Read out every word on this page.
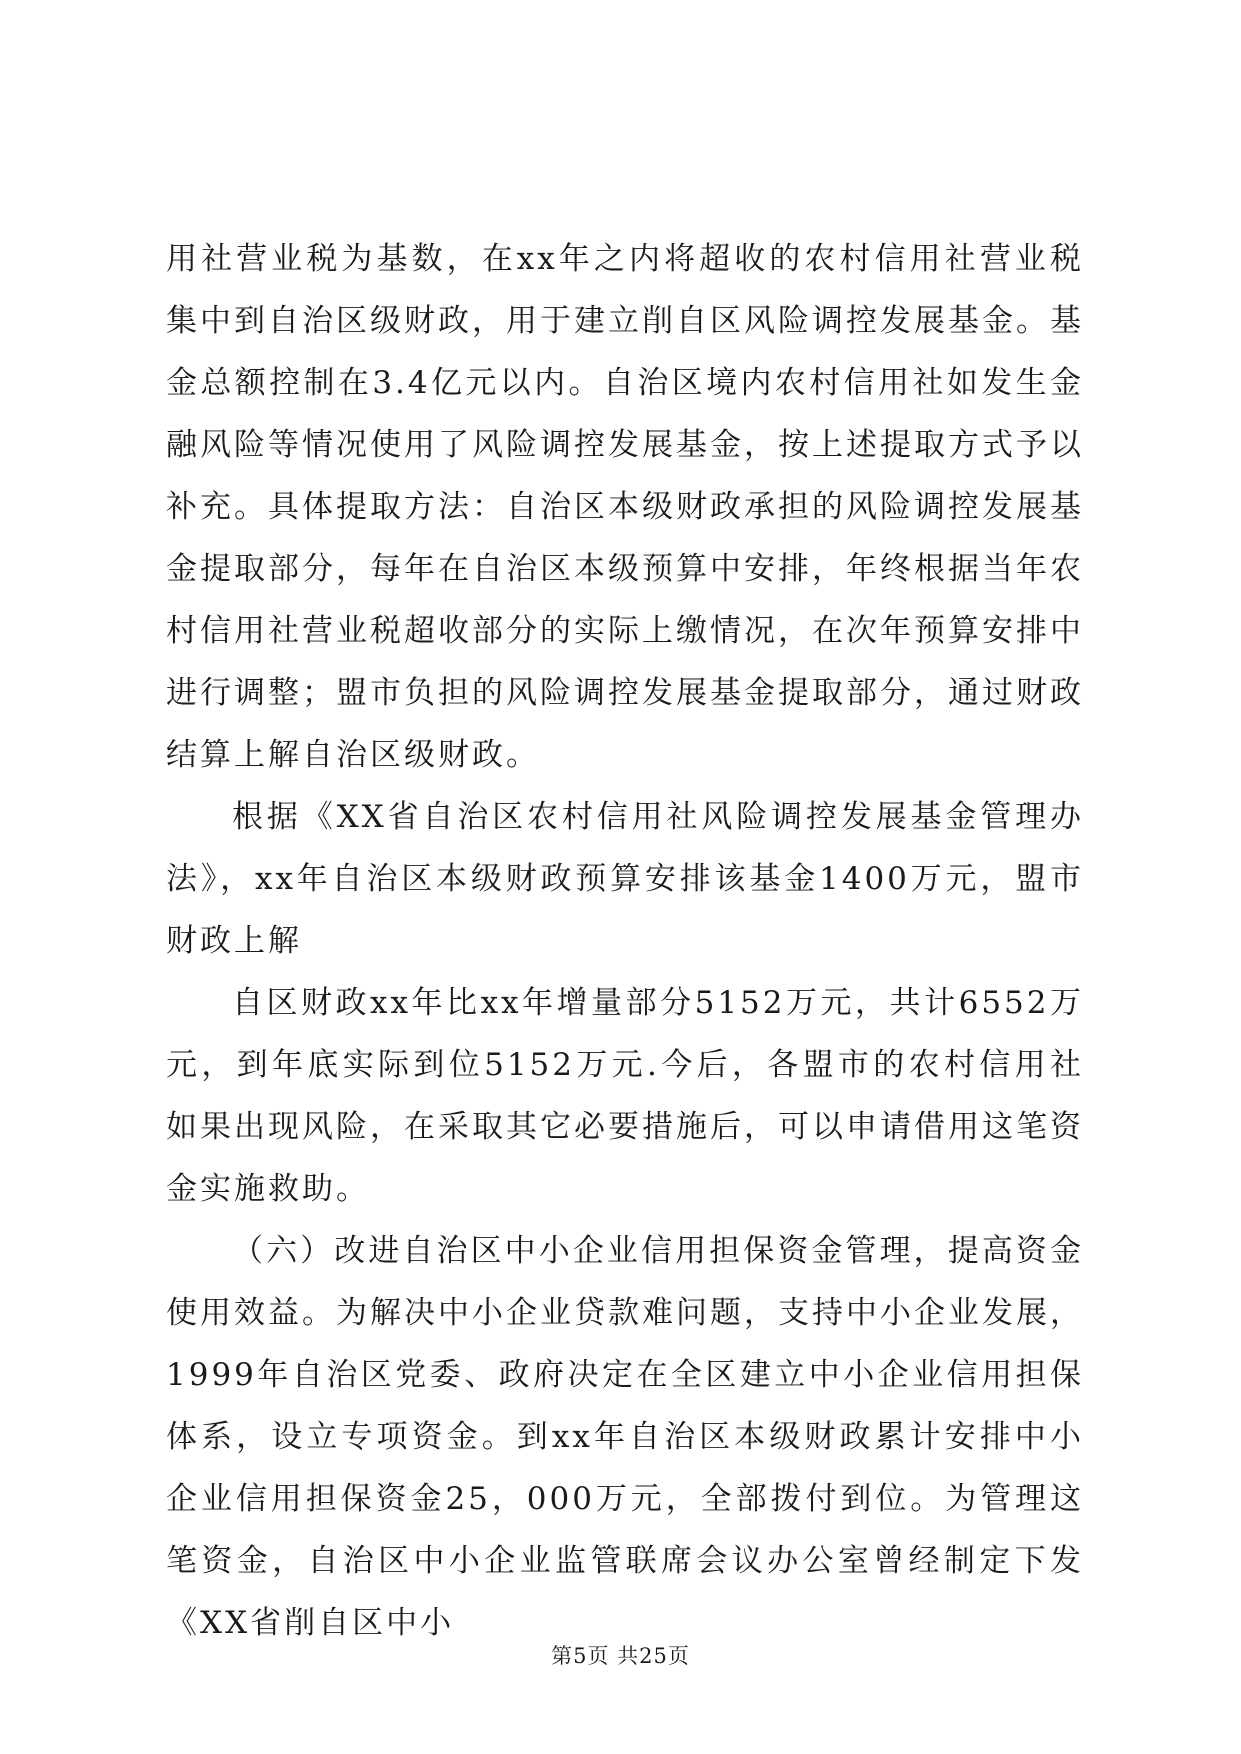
用社营业税为基数，在xx年之内将超收的农村信用社营业税集中到自治区级财政，用于建立削自区风险调控发展基金。基金总额控制在3.4亿元以内。自治区境内农村信用社如发生金融风险等情况使用了风险调控发展基金，按上述提取方式予以补充。具体提取方法：自治区本级财政承担的风险调控发展基金提取部分，每年在自治区本级预算中安排，年终根据当年农村信用社营业税超收部分的实际上缴情况，在次年预算安排中进行调整；盟市负担的风险调控发展基金提取部分，通过财政结算上解自治区级财政。

根据《XX省自治区农村信用社风险调控发展基金管理办法》，xx年自治区本级财政预算安排该基金1400万元，盟市财政上解

自区财政xx年比xx年增量部分5152万元，共计6552万元，到年底实际到位5152万元.今后，各盟市的农村信用社如果出现风险，在采取其它必要措施后，可以申请借用这笔资金实施救助。

（六）改进自治区中小企业信用担保资金管理，提高资金使用效益。为解决中小企业贷款难问题，支持中小企业发展，1999年自治区党委、政府决定在全区建立中小企业信用担保体系，设立专项资金。到xx年自治区本级财政累计安排中小企业信用担保资金25，000万元，全部拨付到位。为管理这笔资金，自治区中小企业监管联席会议办公室曾经制定下发《XX省削自区中小

第5页 共25页
